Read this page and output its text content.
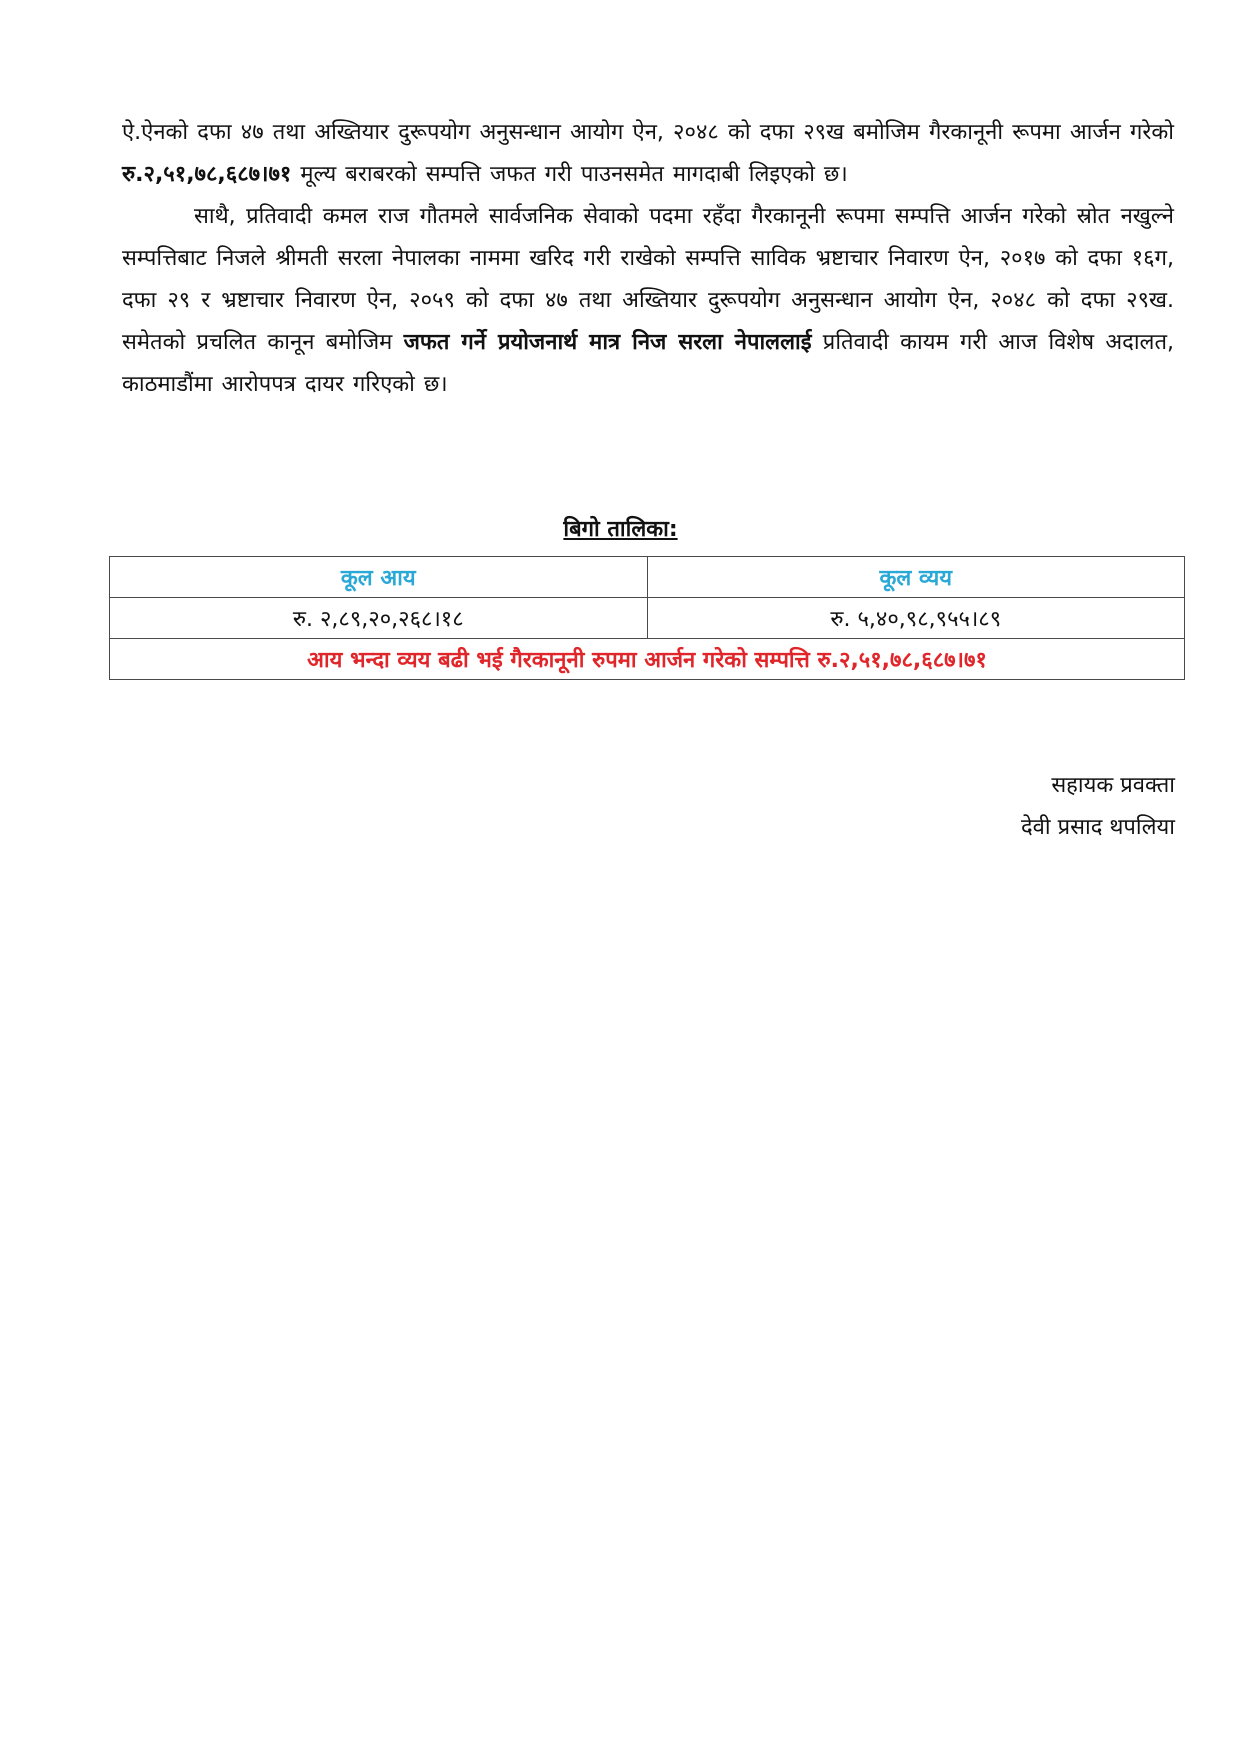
ऐ.ऐनको दफा ४७ तथा अख्तियार दुरूपयोग अनुसन्धान आयोग ऐन, २०४८ को दफा २९ख बमोजिम गैरकानूनी रूपमा आर्जन गरेको रु.२,५१,७८,६८७।७१ मूल्य बराबरको सम्पत्ति जफत गरी पाउनसमेत मागदाबी लिइएको छ।

साथै, प्रतिवादी कमल राज गौतमले सार्वजनिक सेवाको पदमा रहँदा गैरकानूनी रूपमा सम्पत्ति आर्जन गरेको स्रोत नखुल्ने सम्पत्तिबाट निजले श्रीमती सरला नेपालका नाममा खरिद गरी राखेको सम्पत्ति साविक भ्रष्टाचार निवारण ऐन, २०१७ को दफा १६ग, दफा २९ र भ्रष्टाचार निवारण ऐन, २०५९ को दफा ४७ तथा अख्तियार दुरूपयोग अनुसन्धान आयोग ऐन, २०४८ को दफा २९ख. समेतको प्रचलित कानून बमोजिम जफत गर्ने प्रयोजनार्थ मात्र निज सरला नेपाललाई प्रतिवादी कायम गरी आज विशेष अदालत, काठमाडौंमा आरोपपत्र दायर गरिएको छ।

बिगो तालिका:
कूल आय	कूल व्यय
रु. २,८९,२०,२६८।१८	रु. ५,४०,९८,९५५।८९
आय भन्दा व्यय बढी भई गैरकानूनी रुपमा आर्जन गरेको सम्पत्ति रु.२,५१,७८,६८७।७१	
सहायक प्रवक्ता
देवी प्रसाद थपलिया
